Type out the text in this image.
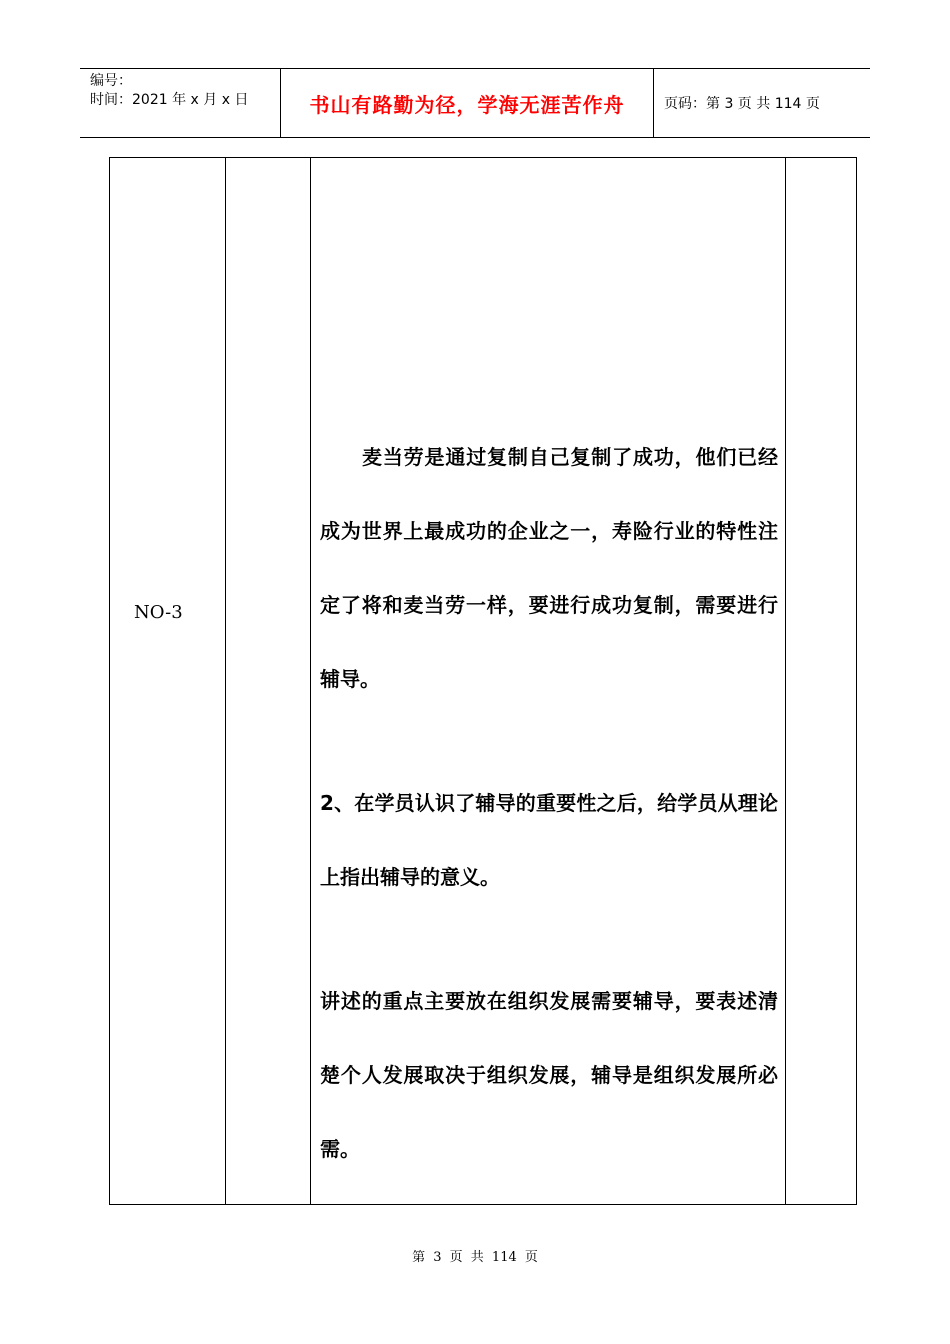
编号：
时间：2021 年 x 月 x 日	书山有路勤为径，学海无涯苦作舟	页码：第 3 页 共 114 页
NO-3

麦当劳是通过复制自己复制了成功，他们已经成为世界上最成功的企业之一，寿险行业的特性注定了将和麦当劳一样，要进行成功复制，需要进行辅导。

2、在学员认识了辅导的重要性之后，给学员从理论上指出辅导的意义。

讲述的重点主要放在组织发展需要辅导，要表述清楚个人发展取决于组织发展，辅导是组织发展所必需。

第 3 页 共 114 页
